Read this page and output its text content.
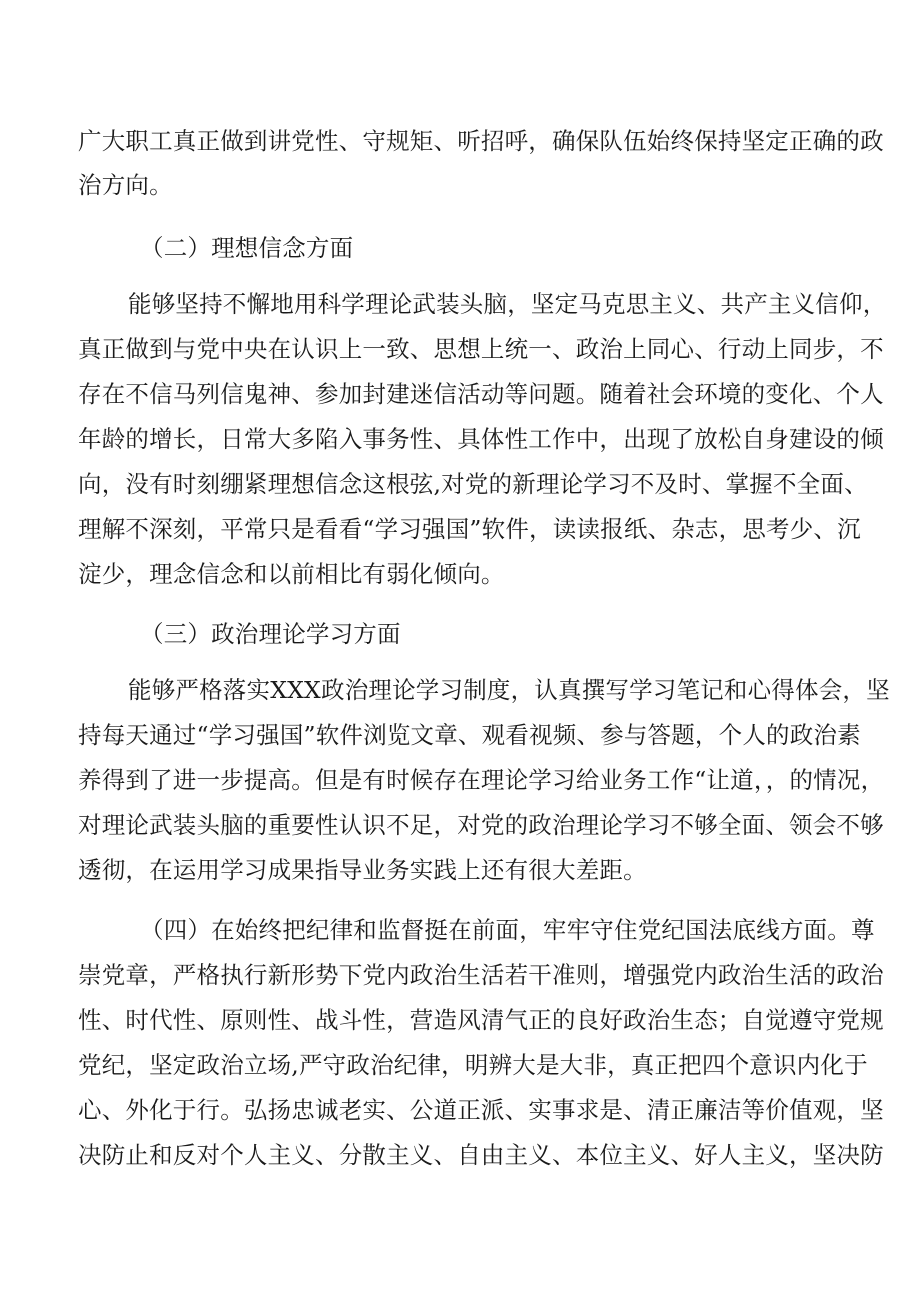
广大职工真正做到讲党性、守规矩、听招呼，确保队伍始终保持坚定正确的政

治方向。

（二）理想信念方面

能够坚持不懈地用科学理论武装头脑，坚定马克思主义、共产主义信仰，

真正做到与党中央在认识上一致、思想上统一、政治上同心、行动上同步，不

存在不信马列信鬼神、参加封建迷信活动等问题。随着社会环境的变化、个人

年龄的增长，日常大多陷入事务性、具体性工作中，出现了放松自身建设的倾

向，没有时刻绷紧理想信念这根弦,对党的新理论学习不及时、掌握不全面、

理解不深刻，平常只是看看“学习强国”软件，读读报纸、杂志，思考少、沉

淀少，理念信念和以前相比有弱化倾向。

（三）政治理论学习方面

能够严格落实XXX政治理论学习制度，认真撰写学习笔记和心得体会，坚

持每天通过“学习强国”软件浏览文章、观看视频、参与答题，个人的政治素

养得到了进一步提高。但是有时候存在理论学习给业务工作“让道，，的情况，

对理论武装头脑的重要性认识不足，对党的政治理论学习不够全面、领会不够

透彻，在运用学习成果指导业务实践上还有很大差距。

（四）在始终把纪律和监督挺在前面，牢牢守住党纪国法底线方面。尊

崇党章，严格执行新形势下党内政治生活若干准则，增强党内政治生活的政治

性、时代性、原则性、战斗性，营造风清气正的良好政治生态；自觉遵守党规

党纪，坚定政治立场,严守政治纪律，明辨大是大非，真正把四个意识内化于

心、外化于行。弘扬忠诚老实、公道正派、实事求是、清正廉洁等价值观，坚

决防止和反对个人主义、分散主义、自由主义、本位主义、好人主义，坚决防
